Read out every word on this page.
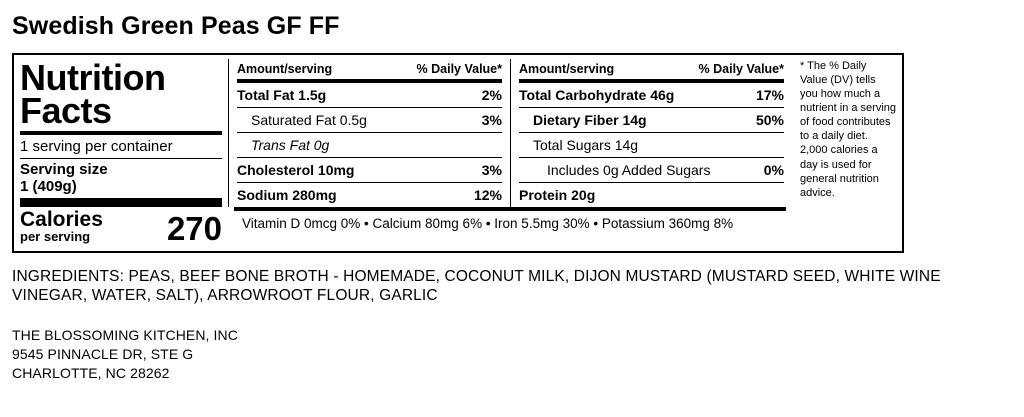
Swedish Green Peas GF FF
Nutrition
Facts
1 serving per container
Serving size
1 (409g)
Calories
per serving	270
Amount/serving	% Daily Value*
Total Fat 1.5g	2%
Saturated Fat 0.5g	3%
Trans Fat 0g
Cholesterol 10mg	3%
Sodium 280mg	12%
Amount/serving	% Daily Value*
Total Carbohydrate 46g	17%
Dietary Fiber 14g	50%
Total Sugars 14g
Includes 0g Added Sugars	0%
Protein 20g
Vitamin D 0mcg 0% • Calcium 80mg 6% • Iron 5.5mg 30% • Potassium 360mg 8%
* The % Daily Value (DV) tells you how much a nutrient in a serving of food contributes to a daily diet. 2,000 calories a day is used for general nutrition advice.
INGREDIENTS: PEAS, BEEF BONE BROTH - HOMEMADE, COCONUT MILK, DIJON MUSTARD (MUSTARD SEED, WHITE WINE VINEGAR, WATER, SALT), ARROWROOT FLOUR, GARLIC
THE BLOSSOMING KITCHEN, INC
9545 PINNACLE DR, STE G
CHARLOTTE, NC 28262
